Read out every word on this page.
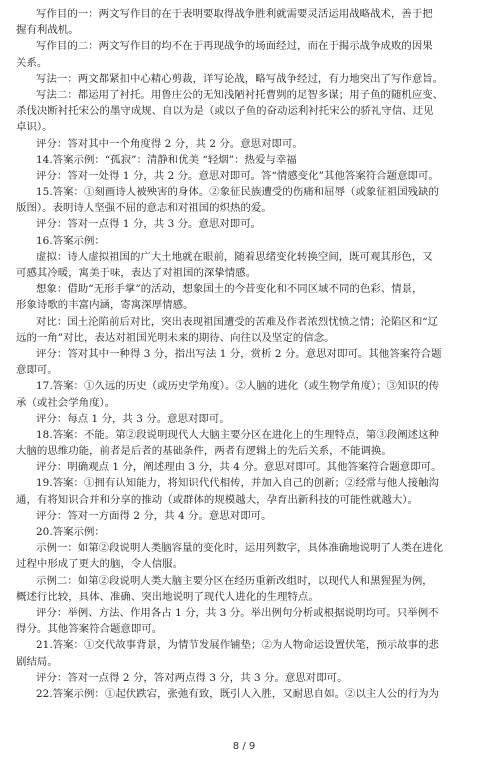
写作目的一：两文写作目的在于表明要取得战争胜利就需要灵活运用战略战术，善于把
握有利战机。
写作目的二：两文写作目的均不在于再现战争的场面经过，而在于揭示战争成败的因果
关系。
写法一：两文都紧扣中心精心剪裁，详写论战，略写战争经过，有力地突出了写作意旨。
写法二：都运用了衬托。用鲁庄公的无知浅陋衬托曹刿的足智多谋；用子鱼的随机应变、
杀伐决断衬托宋公的墨守成规、自以为是（或以子鱼的奋动运利衬托宋公的骄礼守信、迂见
卓识）。
评分：答对其中一个角度得 2 分，共 2 分。意思对即可。
14.答案示例：“孤寂”：清静和优美 “轻烟”：热爱与幸福
评分：答对一处得 1 分，共 2 分。意思对即可。答“情感变化”其他答案符合题意即可。
15.答案：①刻画诗人被殃害的身体。②象征民族遭受的伤痛和屈辱（或象征祖国残缺的
版图）。表明诗人坚强不屈的意志和对祖国的炽热的爱。
评分：答对一点得 1 分，共 3 分。意思对即可。
16.答案示例：
虚拟：诗人虚拟祖国的广大土地就在眼前，随着思绪变化转换空间，既可观其形色，又
可感其冷暖，寓美于味，表达了对祖国的深挚情感。
想象：借助“无形手掌”的活动，想象国土的今昔变化和不同区域不同的色彩、情景，
形象诗歌的丰富内涵，寄寓深厚情感。
对比：国土沦陷前后对比，突出表现祖国遭受的苦难及作者浓烈忧愤之情；沦陷区和“辽
远的一角”对比，表达对祖国光明未来的期待、向往以及坚定的信念。
评分：答对其中一种得 3 分，指出写法 1 分，赏析 2 分。意思对即可。其他答案符合题
意即可。
17.答案：①久远的历史（或历史学角度）。②人脑的进化（或生物学角度）；③知识的传
承（或社会学角度）。
评分：每点 1 分，共 3 分。意思对即可。
18.答案：不能。第②段说明现代人大脑主要分区在进化上的生理特点，第③段阐述这种
大脑的思维功能，前者是后者的基础条件，两者有逻辑上的先后关系，不能调换。
评分：明确观点 1 分，阐述理由 3 分，共 4 分。意思对即可。其他答案符合题意即可。
19.答案：①拥有认知能力，将知识代代相传，并加入自己的创新；②经常与他人接触沟
通，有将知识合并和分享的推动（或群体的规模越大，孕育出新科技的可能性就越大）。
评分：答对一方面得 2 分，共 4 分。意思对即可。
20.答案示例：
示例一：如第②段说明人类脑容量的变化时，运用列数字，具体准确地说明了人类在进化
过程中形成了更大的脑，令人信服。
示例二：如第②段说明人类大脑主要分区在经历重新改组时，以现代人和黑猩猩为例，
概述行比较，具体、准确、突出地说明了现代人进化的生理特点。
评分：举例、方法、作用各占 1 分，共 3 分。举出例句分析或根据说明均可。只举例不
得分。其他答案符合题意即可。
21.答案：①交代故事背景，为情节发展作铺垫；②为人物命运设置伏笔，预示故事的悲
剧结局。
评分：答对一点得 2 分，答对两点得 3 分，共 3 分。意思对即可。
22.答案示例：①起伏跌宕，张弛有致，既引人入胜，又耐思自如。②以主人公的行为为
8 / 9
